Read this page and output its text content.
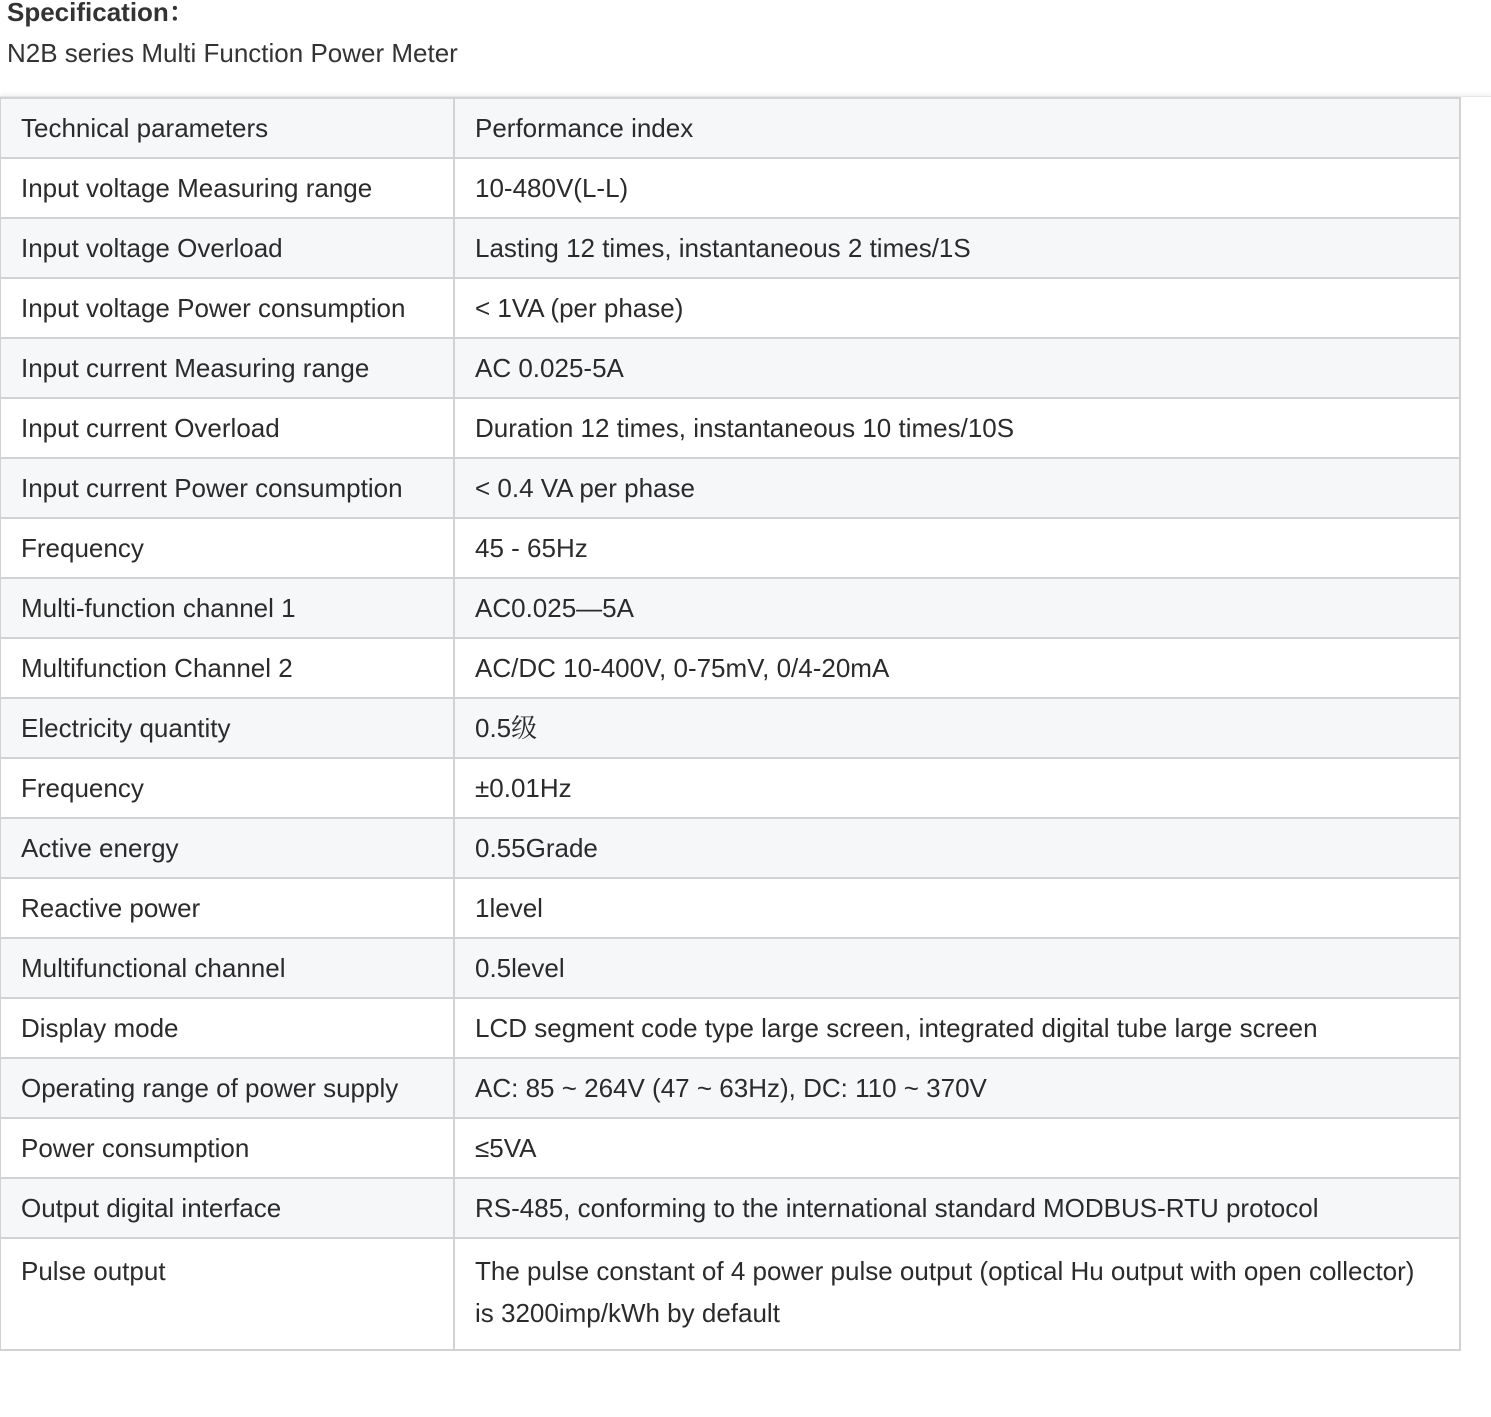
Specification：
N2B series Multi Function Power Meter
Technical parameters	Performance index
Input voltage Measuring range	10-480V(L-L)
Input voltage Overload	Lasting 12 times, instantaneous 2 times/1S
Input voltage Power consumption	< 1VA (per phase)
Input current Measuring range	AC 0.025-5A
Input current Overload	Duration 12 times, instantaneous 10 times/10S
Input current Power consumption	< 0.4 VA per phase
Frequency	45 - 65Hz
Multi-function channel 1	AC0.025—5A
Multifunction Channel 2	AC/DC 10-400V, 0-75mV, 0/4-20mA
Electricity quantity	0.5级
Frequency	±0.01Hz
Active energy	0.55Grade
Reactive power	1level
Multifunctional channel	0.5level
Display mode	LCD segment code type large screen, integrated digital tube large screen
Operating range of power supply	AC: 85 ~ 264V (47 ~ 63Hz), DC: 110 ~ 370V
Power consumption	≤5VA
Output digital interface	RS-485, conforming to the international standard MODBUS-RTU protocol
Pulse output	The pulse constant of 4 power pulse output (optical Hu output with open collector) is 3200imp/kWh by default
